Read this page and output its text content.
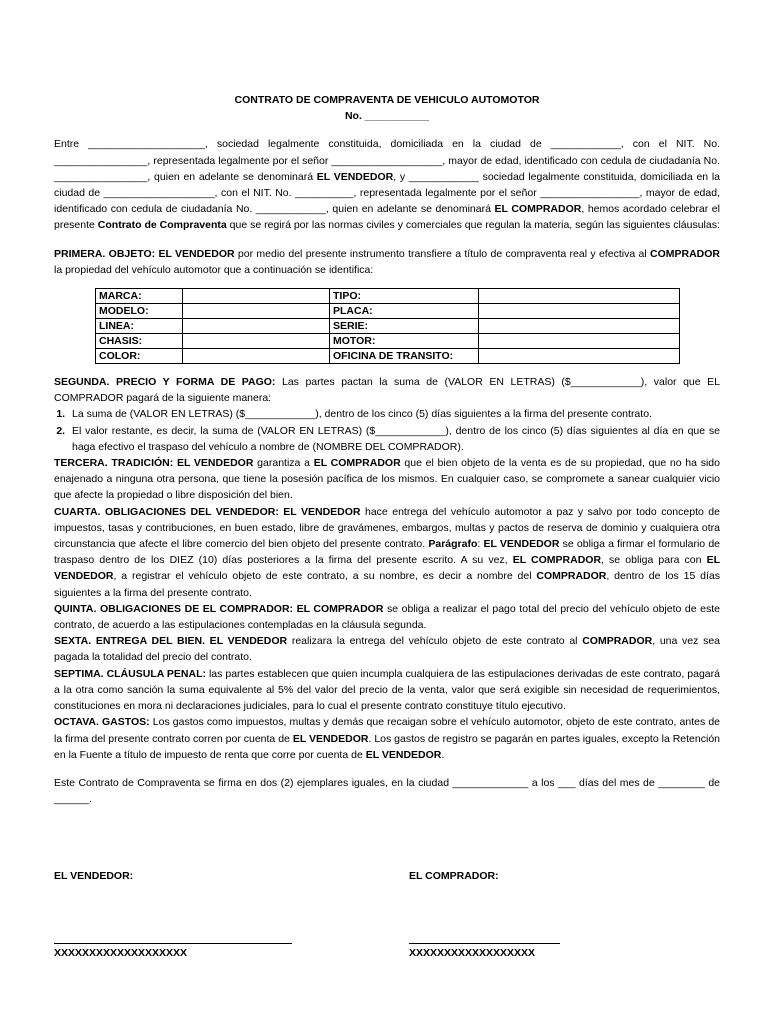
CONTRATO DE COMPRAVENTA DE VEHICULO AUTOMOTOR
No. ___________

Entre ____________________, sociedad legalmente constituida, domiciliada en la ciudad de ____________, con el NIT. No. ________________, representada legalmente por el señor ___________________, mayor de edad, identificado con cedula de ciudadanía No. ________________, quien en adelante se denominará EL VENDEDOR, y ____________ sociedad legalmente constituida, domiciliada en la ciudad de ___________________, con el NIT. No. __________, representada legalmente por el señor _________________, mayor de edad, identificado con cedula de ciudadanía No. ____________, quien en adelante se denominará EL COMPRADOR, hemos acordado celebrar el presente Contrato de Compraventa que se regirá por las normas civiles y comerciales que regulan la materia, según las siguientes cláusulas:

PRIMERA. OBJETO: EL VENDEDOR por medio del presente instrumento transfiere a título de compraventa real y efectiva al COMPRADOR la propiedad del vehículo automotor que a continuación se identifica:

MARCA:		TIPO:	
MODELO:		PLACA:	
LINEA:		SERIE:	
CHASIS:		MOTOR:	
COLOR:		OFICINA DE TRANSITO:	

SEGUNDA. PRECIO Y FORMA DE PAGO: Las partes pactan la suma de (VALOR EN LETRAS) ($____________), valor que EL COMPRADOR pagará de la siguiente manera:

1. La suma de (VALOR EN LETRAS) ($____________), dentro de los cinco (5) días siguientes a la firma del presente contrato.
2. El valor restante, es decir, la suma de (VALOR EN LETRAS) ($____________), dentro de los cinco (5) días siguientes al día en que se haga efectivo el traspaso del vehículo a nombre de (NOMBRE DEL COMPRADOR).

TERCERA. TRADICIÓN: EL VENDEDOR garantiza a EL COMPRADOR que el bien objeto de la venta es de su propiedad, que no ha sido enajenado a ninguna otra persona, que tiene la posesión pacífica de los mismos. En cualquier caso, se compromete a sanear cualquier vicio que afecte la propiedad o libre disposición del bien.

CUARTA. OBLIGACIONES DEL VENDEDOR: EL VENDEDOR hace entrega del vehículo automotor a paz y salvo por todo concepto de impuestos, tasas y contribuciones, en buen estado, libre de gravámenes, embargos, multas y pactos de reserva de dominio y cualquiera otra circunstancia que afecte el libre comercio del bien objeto del presente contrato. Parágrafo: EL VENDEDOR se obliga a firmar el formulario de traspaso dentro de los DIEZ (10) días posteriores a la firma del presente escrito. A su vez, EL COMPRADOR, se obliga para con EL VENDEDOR, a registrar el vehículo objeto de este contrato, a su nombre, es decir a nombre del COMPRADOR, dentro de los 15 días siguientes a la firma del presente contrato.

QUINTA. OBLIGACIONES DE EL COMPRADOR: EL COMPRADOR se obliga a realizar el pago total del precio del vehículo objeto de este contrato, de acuerdo a las estipulaciones contempladas en la cláusula segunda.

SEXTA. ENTREGA DEL BIEN. EL VENDEDOR realizara la entrega del vehículo objeto de este contrato al COMPRADOR, una vez sea pagada la totalidad del precio del contrato.

SEPTIMA. CLÁUSULA PENAL: las partes establecen que quien incumpla cualquiera de las estipulaciones derivadas de este contrato, pagará a la otra como sanción la suma equivalente al 5% del valor del precio de la venta, valor que será exigible sin necesidad de requerimientos, constituciones en mora ni declaraciones judiciales, para lo cual el presente contrato constituye título ejecutivo.

OCTAVA. GASTOS: Los gastos como impuestos, multas y demás que recaigan sobre el vehículo automotor, objeto de este contrato, antes de la firma del presente contrato corren por cuenta de EL VENDEDOR. Los gastos de registro se pagarán en partes iguales, excepto la Retención en la Fuente a título de impuesto de renta que corre por cuenta de EL VENDEDOR.

Este Contrato de Compraventa se firma en dos (2) ejemplares iguales, en la ciudad _____________ a los ___ días del mes de ________ de ______.

EL VENDEDOR:	EL COMPRADOR:
XXXXXXXXXXXXXXXXXXX	XXXXXXXXXXXXXXXXXX
